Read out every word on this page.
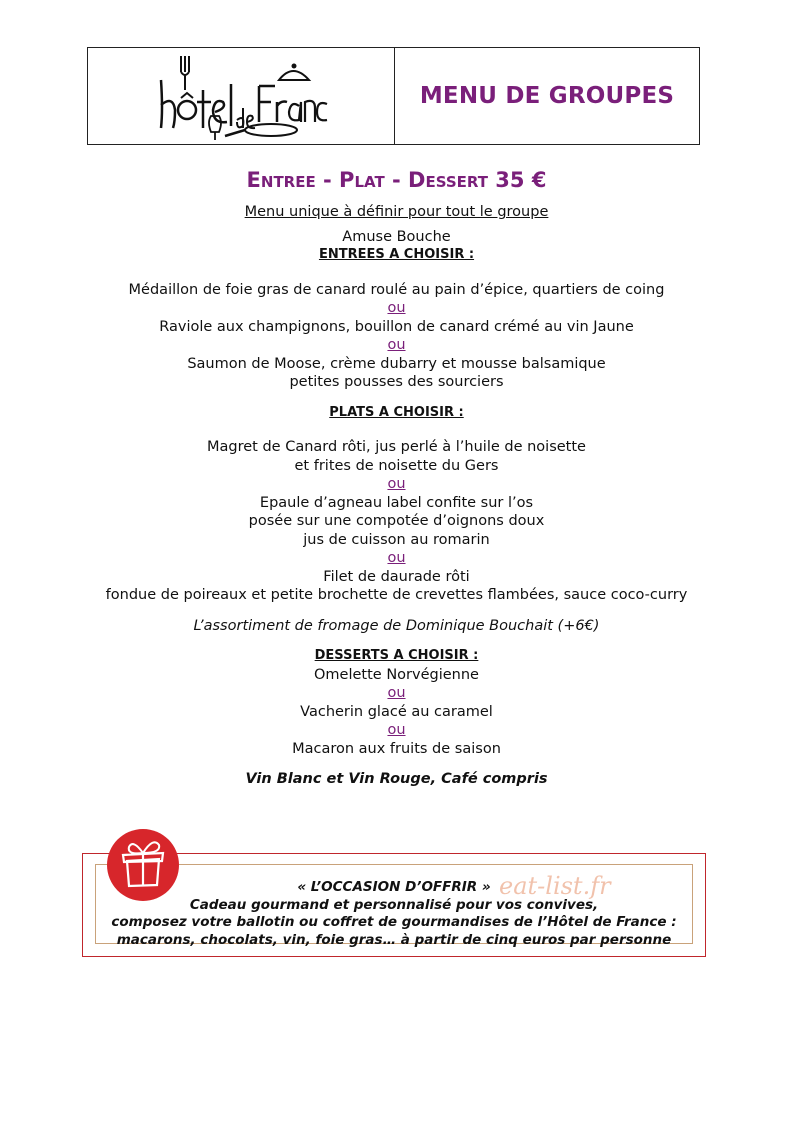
MENU DE GROUPES
Entree - Plat - Dessert 35 €
Menu unique à définir pour tout le groupe
Amuse Bouche
ENTREES A CHOISIR :
Médaillon de foie gras de canard roulé au pain d’épice, quartiers de coing
ou
Raviole aux champignons, bouillon de canard crémé au vin Jaune
ou
Saumon de Moose, crème dubarry et mousse balsamique
petites pousses des sourciers
PLATS A CHOISIR :
Magret de Canard rôti, jus perlé à l’huile de noisette
et frites de noisette du Gers
ou
Epaule d’agneau label confite sur l’os
posée sur une compotée d’oignons doux
jus de cuisson au romarin
ou
Filet de daurade rôti
fondue de poireaux et petite brochette de crevettes flambées, sauce coco-curry
L’assortiment de fromage de Dominique Bouchait (+6€)
DESSERTS A CHOISIR :
Omelette Norvégienne
ou
Vacherin glacé au caramel
ou
Macaron aux fruits de saison
Vin Blanc et Vin Rouge, Café compris
« L’OCCASION D’OFFRIR »
Cadeau gourmand et personnalisé pour vos convives,
composez votre ballotin ou coffret de gourmandises de l’Hôtel de France :
macarons, chocolats, vin, foie gras… à partir de cinq euros par personne
eat-list.fr
